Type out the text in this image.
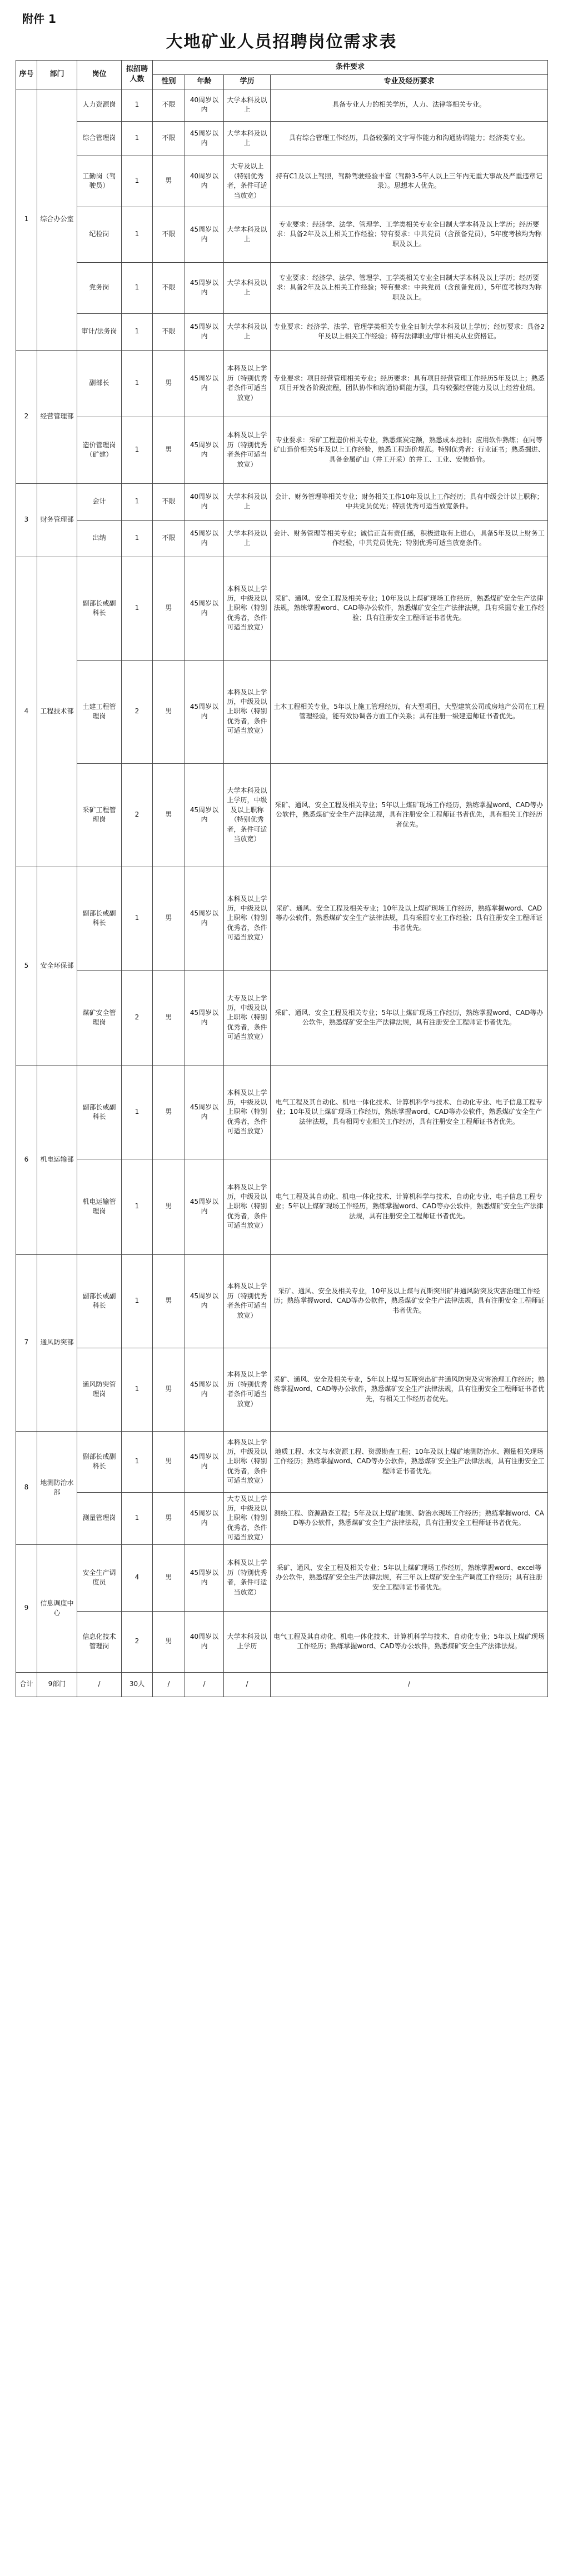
附件 1
大地矿业人员招聘岗位需求表
序号	部门	岗位	拟招聘人数	条件要求			
				性别	年龄	学历	专业及经历要求
1	综合办公室	人力资源岗	1	不限	40周岁以内	大学本科及以上	具备专业人力的相关学历，人力、法律等相关专业。
		综合管理岗	1	不限	45周岁以内	大学本科及以上	具有综合管理工作经历，具备较强的文字写作能力和沟通协调能力；经济类专业。
		工勤岗（驾驶员）	1	男	40周岁以内	大专及以上（特别优秀者，条件可适当放宽）	持有C1及以上驾照，驾龄驾驶经验丰富（驾龄3-5年人以上三年内无重大事故及严重违章记录）。思想本人优先。
		纪检岗	1	不限	45周岁以内	大学本科及以上	专业要求：经济学、法学、管理学、工学类相关专业全日制大学本科及以上学历；经历要求：具备2年及以上相关工作经验；特有要求：中共党员（含预备党员），5年度考核均为称职及以上。
		党务岗	1	不限	45周岁以内	大学本科及以上	专业要求：经济学、法学、管理学、工学类相关专业全日制大学本科及以上学历；经历要求：具备2年及以上相关工作经验；特有要求：中共党员（含预备党员），5年度考核均为称职及以上。
		审计/法务岗	1	不限	45周岁以内	大学本科及以上	专业要求：经济学、法学、管理学类相关专业全日制大学本科及以上学历；经历要求：具备2年及以上相关工作经验；特有法律职业/审计相关从业资格证。
2	经营管理部	副部长	1	男	45周岁以内	本科及以上学历（特别优秀者条件可适当放宽）	专业要求：项目经营管理相关专业；经历要求：具有项目经营管理工作经历5年及以上；熟悉项目开发各阶段流程，团队协作和沟通协调能力强，具有较强经营能力及以上经营业绩。
		造价管理岗（矿建）	1	男	45周岁以内	本科及以上学历（特别优秀者条件可适当放宽）	专业要求：采矿工程造价相关专业，熟悉煤炭定额，熟悉成本控制；应用软件熟练；在同等矿山造价相关5年及以上工作经验，熟悉工程造价规范。特别优秀者：行业证书；熟悉掘进、具备金属矿山（井工开采）的井工、工业、安装造价。
3	财务管理部	会计	1	不限	40周岁以内	大学本科及以上	会计、财务管理等相关专业；财务相关工作10年及以上工作经历；具有中级会计以上职称；中共党员优先；特别优秀可适当放宽条件。
		出纳	1	不限	45周岁以内	大学本科及以上	会计、财务管理等相关专业；诚信正直有责任感，积极进取有上进心，具备5年及以上财务工作经验，中共党员优先；特别优秀可适当放宽条件。
4	工程技术部	副部长或副科长	1	男	45周岁以内	本科及以上学历，中级及以上职称（特别优秀者，条件可适当放宽）	采矿、通风、安全工程及相关专业；10年及以上煤矿现场工作经历，熟悉煤矿安全生产法律法规，熟练掌握word、CAD等办公软件，熟悉煤矿安全生产法律法规，具有采掘专业工作经验；具有注册安全工程师证书者优先。
		土建工程管理岗	2	男	45周岁以内	本科及以上学历，中级及以上职称（特别优秀者，条件可适当放宽）	土木工程相关专业，5年以上施工管理经历，有大型项目，大型建筑公司或房地产公司在工程管理经验，能有效协调各方面工作关系；具有注册一级建造师证书者优先。
		采矿工程管理岗	2	男	45周岁以内	大学本科及以上学历，中级及以上职称（特别优秀者，条件可适当放宽）	采矿、通风、安全工程及相关专业；5年以上煤矿现场工作经历，熟练掌握word、CAD等办公软件，熟悉煤矿安全生产法律法规，具有注册安全工程师证书者优先，具有相关工作经历者优先。
5	安全环保部	副部长或副科长	1	男	45周岁以内	本科及以上学历，中级及以上职称（特别优秀者，条件可适当放宽）	采矿、通风、安全工程及相关专业；10年及以上煤矿现场工作经历，熟练掌握word、CAD等办公软件，熟悉煤矿安全生产法律法规，具有采掘专业工作经验；具有注册安全工程师证书者优先。
		煤矿安全管理岗	2	男	45周岁以内	大专及以上学历，中级及以上职称（特别优秀者，条件可适当放宽）	采矿、通风、安全工程及相关专业；5年以上煤矿现场工作经历，熟练掌握word、CAD等办公软件，熟悉煤矿安全生产法律法规，具有注册安全工程师证书者优先。
6	机电运输部	副部长或副科长	1	男	45周岁以内	本科及以上学历，中级及以上职称（特别优秀者，条件可适当放宽）	电气工程及其自动化、机电一体化技术、计算机科学与技术、自动化专业、电子信息工程专业；10年及以上煤矿现场工作经历，熟练掌握word、CAD等办公软件，熟悉煤矿安全生产法律法规，具有相同专业相关工作经历，具有注册安全工程师证书者优先。
		机电运输管理岗	1	男	45周岁以内	本科及以上学历，中级及以上职称（特别优秀者，条件可适当放宽）	电气工程及其自动化、机电一体化技术、计算机科学与技术、自动化专业、电子信息工程专业；5年以上煤矿现场工作经历，熟练掌握word、CAD等办公软件，熟悉煤矿安全生产法律法规，具有注册安全工程师证书者优先。
7	通风防突部	副部长或副科长	1	男	45周岁以内	本科及以上学历（特别优秀者条件可适当放宽）	采矿、通风、安全及相关专业，10年及以上煤与瓦斯突出矿井通风防突及灾害治理工作经历；熟练掌握word、CAD等办公软件，熟悉煤矿安全生产法律法规，具有注册安全工程师证书者优先。
		通风防突管理岗	1	男	45周岁以内	本科及以上学历（特别优秀者条件可适当放宽）	采矿、通风、安全及相关专业，5年以上煤与瓦斯突出矿井通风防突及灾害治理工作经历；熟练掌握word、CAD等办公软件，熟悉煤矿安全生产法律法规，具有注册安全工程师证书者优先，有相关工作经历者优先。
8	地测防治水部	副部长或副科长	1	男	45周岁以内	本科及以上学历，中级及以上职称（特别优秀者，条件可适当放宽）	地质工程、水文与水资源工程、资源勘查工程；10年及以上煤矿地测防治水、测量相关现场工作经历；熟练掌握word、CAD等办公软件，熟悉煤矿安全生产法律法规，具有注册安全工程师证书者优先。
		测量管理岗	1	男	45周岁以内	大专及以上学历，中级及以上职称（特别优秀者，条件可适当放宽）	测绘工程、资源勘查工程；5年及以上煤矿地测、防治水现场工作经历；熟练掌握word、CAD等办公软件，熟悉煤矿安全生产法律法规，具有注册安全工程师证书者优先。
9	信息调度中心	安全生产调度员	4	男	45周岁以内	本科及以上学历（特别优秀者，条件可适当放宽）	采矿、通风、安全工程及相关专业；5年以上煤矿现场工作经历，熟练掌握word、excel等办公软件，熟悉煤矿安全生产法律法规，有三年以上煤矿安全生产调度工作经历；具有注册安全工程师证书者优先。
		信息化技术管理岗	2	男	40周岁以内	大学本科及以上学历	电气工程及其自动化、机电一体化技术、计算机科学与技术、自动化专业；5年以上煤矿现场工作经历；熟练掌握word、CAD等办公软件，熟悉煤矿安全生产法律法规。
合计	9部门	/	30人	/	/	/	/
